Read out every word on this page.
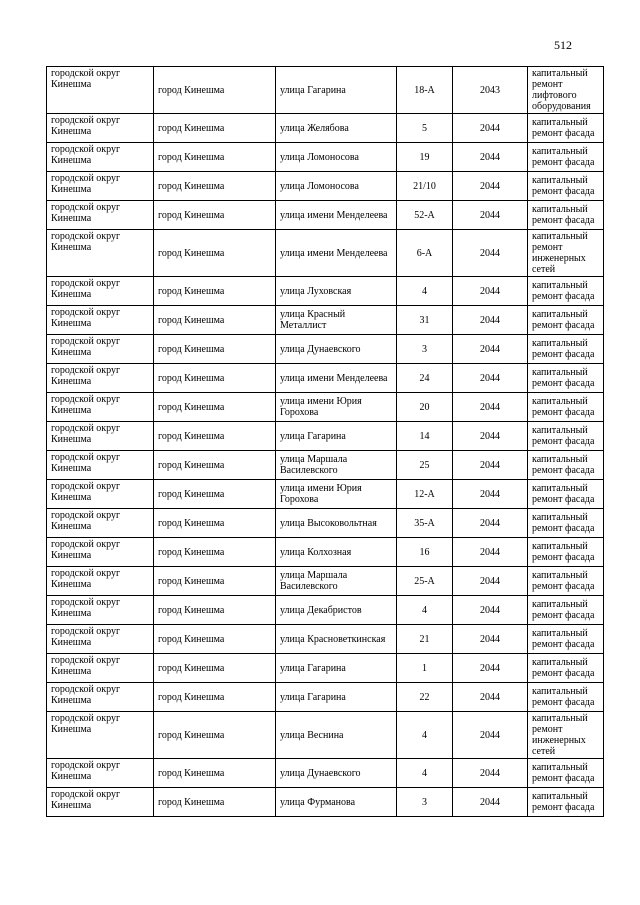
512
городской округ Кинешма	город Кинешма	улица Гагарина	18-А	2043	капитальный ремонт лифтового оборудования
городской округ Кинешма	город Кинешма	улица Желябова	5	2044	капитальный ремонт фасада
городской округ Кинешма	город Кинешма	улица Ломоносова	19	2044	капитальный ремонт фасада
городской округ Кинешма	город Кинешма	улица Ломоносова	21/10	2044	капитальный ремонт фасада
городской округ Кинешма	город Кинешма	улица имени Менделеева	52-А	2044	капитальный ремонт фасада
городской округ Кинешма	город Кинешма	улица имени Менделеева	6-А	2044	капитальный ремонт инженерных сетей
городской округ Кинешма	город Кинешма	улица Луховская	4	2044	капитальный ремонт фасада
городской округ Кинешма	город Кинешма	улица Красный Металлист	31	2044	капитальный ремонт фасада
городской округ Кинешма	город Кинешма	улица Дунаевского	3	2044	капитальный ремонт фасада
городской округ Кинешма	город Кинешма	улица имени Менделеева	24	2044	капитальный ремонт фасада
городской округ Кинешма	город Кинешма	улица имени Юрия Горохова	20	2044	капитальный ремонт фасада
городской округ Кинешма	город Кинешма	улица Гагарина	14	2044	капитальный ремонт фасада
городской округ Кинешма	город Кинешма	улица Маршала Василевского	25	2044	капитальный ремонт фасада
городской округ Кинешма	город Кинешма	улица имени Юрия Горохова	12-А	2044	капитальный ремонт фасада
городской округ Кинешма	город Кинешма	улица Высоковольтная	35-А	2044	капитальный ремонт фасада
городской округ Кинешма	город Кинешма	улица Колхозная	16	2044	капитальный ремонт фасада
городской округ Кинешма	город Кинешма	улица Маршала Василевского	25-А	2044	капитальный ремонт фасада
городской округ Кинешма	город Кинешма	улица Декабристов	4	2044	капитальный ремонт фасада
городской округ Кинешма	город Кинешма	улица Красноветкинская	21	2044	капитальный ремонт фасада
городской округ Кинешма	город Кинешма	улица Гагарина	1	2044	капитальный ремонт фасада
городской округ Кинешма	город Кинешма	улица Гагарина	22	2044	капитальный ремонт фасада
городской округ Кинешма	город Кинешма	улица Веснина	4	2044	капитальный ремонт инженерных сетей
городской округ Кинешма	город Кинешма	улица Дунаевского	4	2044	капитальный ремонт фасада
городской округ Кинешма	город Кинешма	улица Фурманова	3	2044	капитальный ремонт фасада
